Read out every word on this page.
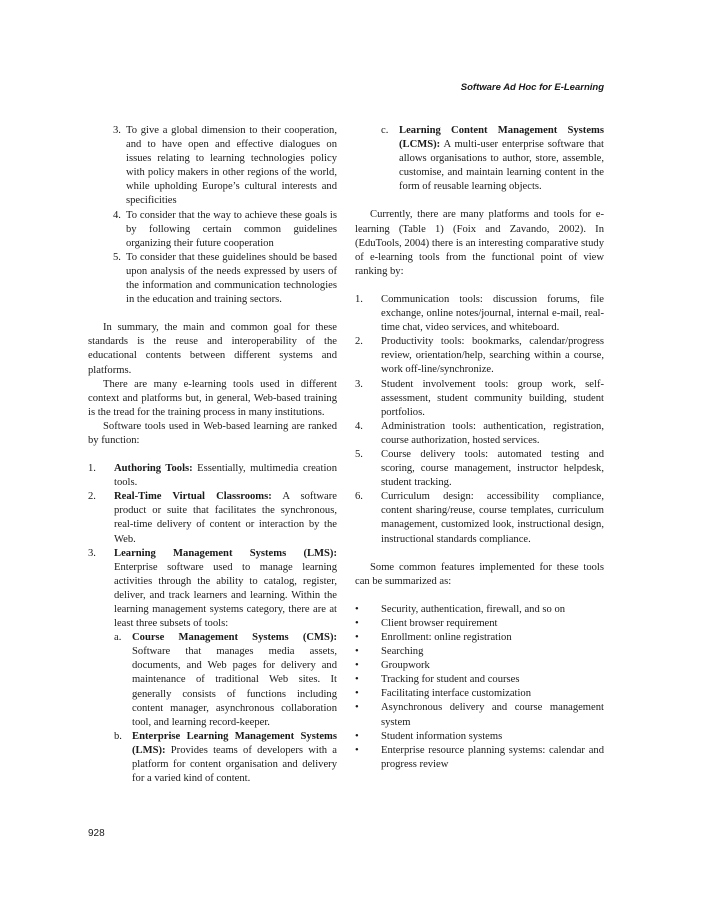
Software Ad Hoc for E-Learning
3. To give a global dimension to their cooperation, and to have open and effective dialogues on issues relating to learning technologies policy with policy makers in other regions of the world, while upholding Europe’s cultural interests and specificities
4. To consider that the way to achieve these goals is by following certain common guidelines organizing their future cooperation
5. To consider that these guidelines should be based upon analysis of the needs expressed by users of the information and communication technologies in the education and training sectors.

In summary, the main and common goal for these standards is the reuse and interoperability of the educational contents between different systems and platforms.

There are many e-learning tools used in different context and platforms but, in general, Web-based training is the tread for the training process in many institutions.

Software tools used in Web-based learning are ranked by function:

1.	Authoring Tools: Essentially, multimedia creation tools.
2.	Real-Time Virtual Classrooms: A software product or suite that facilitates the synchronous, real-time delivery of content or interaction by the Web.
3.	Learning Management Systems (LMS): Enterprise software used to manage learning activities through the ability to catalog, register, deliver, and track learners and learning. Within the learning management systems category, there are at least three subsets of tools:
a.	Course Management Systems (CMS): Software that manages media assets, documents, and Web pages for delivery and maintenance of traditional Web sites. It generally consists of functions including content manager, asynchronous collaboration tool, and learning record-keeper.
b. Enterprise Learning Management Systems (LMS): Provides teams of developers with a platform for content organisation and delivery for a varied kind of content.
c.	Learning Content Management Systems (LCMS): A multi-user enterprise software that allows organisations to author, store, assemble, customise, and maintain learning content in the form of reusable learning objects.

Currently, there are many platforms and tools for e-learning (Table 1) (Foix and Zavando, 2002). In (EduTools, 2004) there is an interesting comparative study of e-learning tools from the functional point of view ranking by:

1.	Communication tools: discussion forums, file exchange, online notes/journal, internal e-mail, real-time chat, video services, and whiteboard.
2.	Productivity tools: bookmarks, calendar/progress review, orientation/help, searching within a course, work off-line/synchronize.
3.	Student involvement tools: group work, self-assessment, student community building, student portfolios.
4.	Administration tools: authentication, registration, course authorization, hosted services.
5.	Course delivery tools: automated testing and scoring, course management, instructor helpdesk, student tracking.
6.	Curriculum design: accessibility compliance, content sharing/reuse, course templates, curriculum management, customized look, instructional design, instructional standards compliance.

Some common features implemented for these tools can be summarized as:

•	Security, authentication, firewall, and so on
•	Client browser requirement
•	Enrollment: online registration
•	Searching
•	Groupwork
•	Tracking for student and courses
•	Facilitating interface customization
•	Asynchronous delivery and course management system
•	Student information systems
•	Enterprise resource planning systems: calendar and progress review
928
